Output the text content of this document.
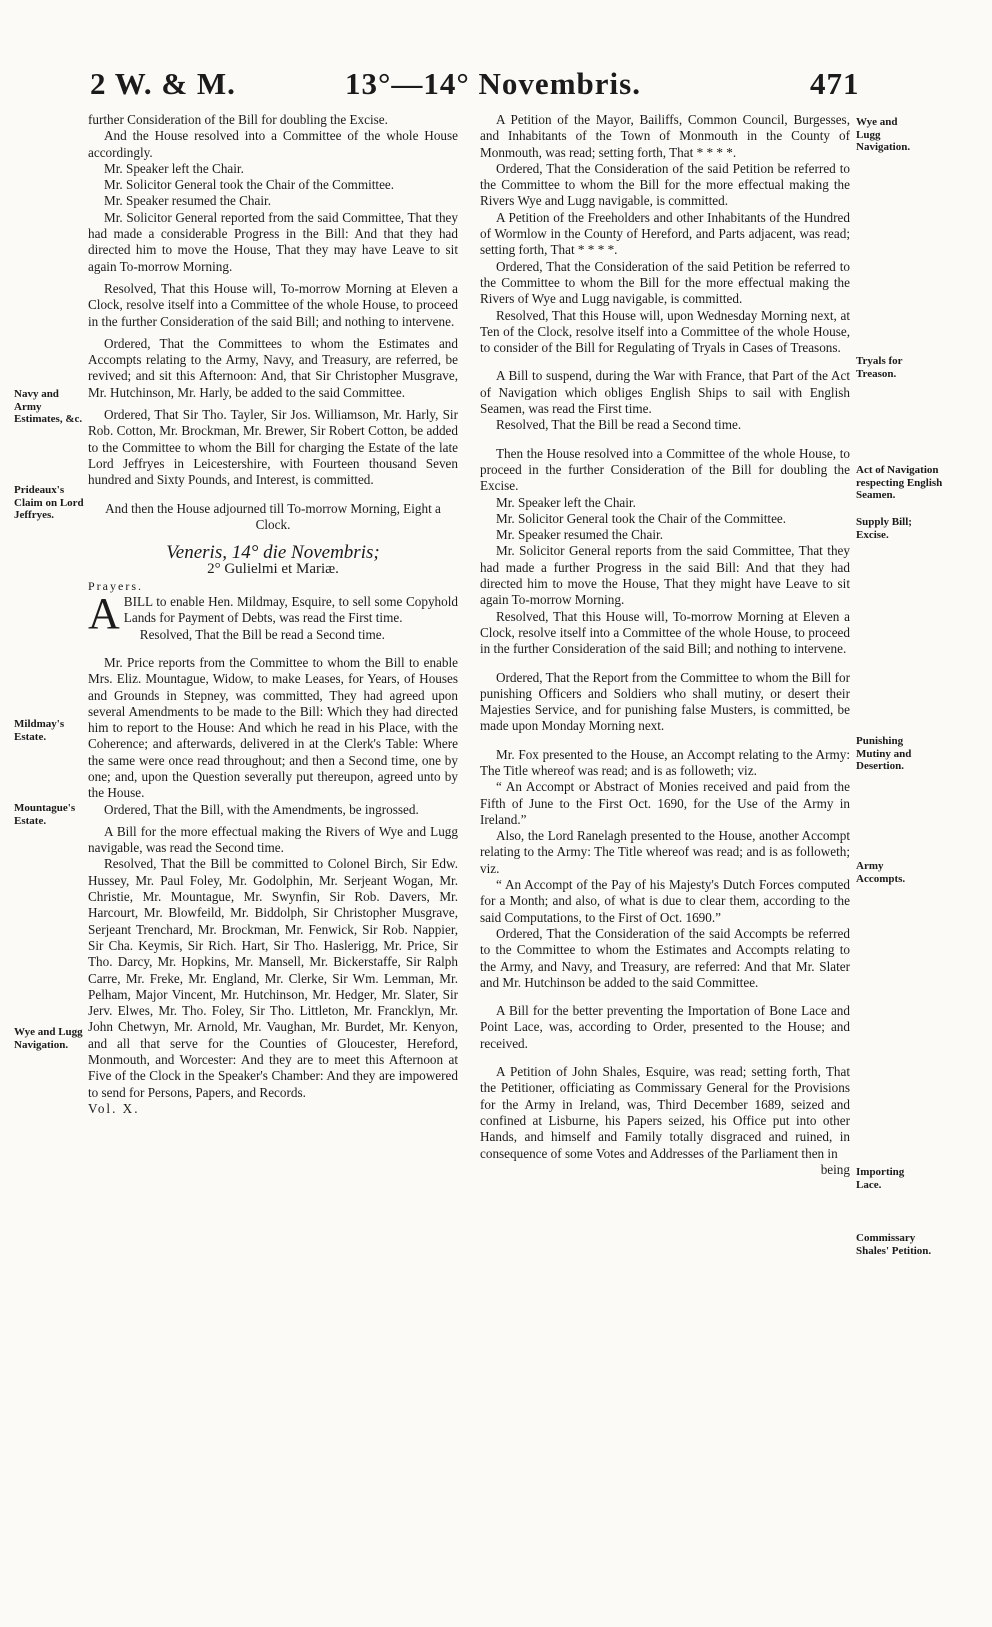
2 W. & M.	13°—14° Novembris.	471

further Consideration of the Bill for doubling the Excise.

And the House resolved into a Committee of the whole House accordingly.

Mr. Speaker left the Chair.

Mr. Solicitor General took the Chair of the Committee.

Mr. Speaker resumed the Chair.

Mr. Solicitor General reported from the said Committee, That they had made a considerable Progress in the Bill: And that they had directed him to move the House, That they may have Leave to sit again To-morrow Morning.

Resolved, That this House will, To-morrow Morning at Eleven a Clock, resolve itself into a Committee of the whole House, to proceed in the further Consideration of the said Bill; and nothing to intervene.

Ordered, That the Committees to whom the Estimates and Accompts relating to the Army, Navy, and Treasury, are referred, be revived; and sit this Afternoon: And, that Sir Christopher Musgrave, Mr. Hutchinson, Mr. Harly, be added to the said Committee.

Ordered, That Sir Tho. Tayler, Sir Jos. Williamson, Mr. Harly, Sir Rob. Cotton, Mr. Brockman, Mr. Brewer, Sir Robert Cotton, be added to the Committee to whom the Bill for charging the Estate of the late Lord Jeffryes in Leicestershire, with Fourteen thousand Seven hundred and Sixty Pounds, and Interest, is committed.

And then the House adjourned till To-morrow Morning, Eight a Clock.

Veneris, 14° die Novembris;

2° Gulielmi et Mariæ.

Prayers.

ABILL to enable Hen. Mildmay, Esquire, to sell some Copyhold Lands for Payment of Debts, was read the First time.

Resolved, That the Bill be read a Second time.

Mr. Price reports from the Committee to whom the Bill to enable Mrs. Eliz. Mountague, Widow, to make Leases, for Years, of Houses and Grounds in Stepney, was committed, They had agreed upon several Amendments to be made to the Bill: Which they had directed him to report to the House: And which he read in his Place, with the Coherence; and afterwards, delivered in at the Clerk's Table: Where the same were once read throughout; and then a Second time, one by one; and, upon the Question severally put thereupon, agreed unto by the House.

Ordered, That the Bill, with the Amendments, be ingrossed.

A Bill for the more effectual making the Rivers of Wye and Lugg navigable, was read the Second time.

Resolved, That the Bill be committed to Colonel Birch, Sir Edw. Hussey, Mr. Paul Foley, Mr. Godolphin, Mr. Serjeant Wogan, Mr. Christie, Mr. Mountague, Mr. Swynfin, Sir Rob. Davers, Mr. Harcourt, Mr. Blowfeild, Mr. Biddolph, Sir Christopher Musgrave, Serjeant Trenchard, Mr. Brockman, Mr. Fenwick, Sir Rob. Nappier, Sir Cha. Keymis, Sir Rich. Hart, Sir Tho. Haslerigg, Mr. Price, Sir Tho. Darcy, Mr. Hopkins, Mr. Mansell, Mr. Bickerstaffe, Sir Ralph Carre, Mr. Freke, Mr. England, Mr. Clerke, Sir Wm. Lemman, Mr. Pelham, Major Vincent, Mr. Hutchinson, Mr. Hedger, Mr. Slater, Sir Jerv. Elwes, Mr. Tho. Foley, Sir Tho. Littleton, Mr. Francklyn, Mr. John Chetwyn, Mr. Arnold, Mr. Vaughan, Mr. Burdet, Mr. Kenyon, and all that serve for the Counties of Gloucester, Hereford, Monmouth, and Worcester: And they are to meet this Afternoon at Five of the Clock in the Speaker's Chamber: And they are impowered to send for Persons, Papers, and Records.

Vol. X.

A Petition of the Mayor, Bailiffs, Common Council, Burgesses, and Inhabitants of the Town of Monmouth in the County of Monmouth, was read; setting forth, That * * * *.

Ordered, That the Consideration of the said Petition be referred to the Committee to whom the Bill for the more effectual making the Rivers Wye and Lugg navigable, is committed.

A Petition of the Freeholders and other Inhabitants of the Hundred of Wormlow in the County of Hereford, and Parts adjacent, was read; setting forth, That * * * *.

Ordered, That the Consideration of the said Petition be referred to the Committee to whom the Bill for the more effectual making the Rivers of Wye and Lugg navigable, is committed.

Resolved, That this House will, upon Wednesday Morning next, at Ten of the Clock, resolve itself into a Committee of the whole House, to consider of the Bill for Regulating of Tryals in Cases of Treasons.

A Bill to suspend, during the War with France, that Part of the Act of Navigation which obliges English Ships to sail with English Seamen, was read the First time.

Resolved, That the Bill be read a Second time.

Then the House resolved into a Committee of the whole House, to proceed in the further Consideration of the Bill for doubling the Excise.

Mr. Speaker left the Chair.

Mr. Solicitor General took the Chair of the Committee.

Mr. Speaker resumed the Chair.

Mr. Solicitor General reports from the said Committee, That they had made a further Progress in the said Bill: And that they had directed him to move the House, That they might have Leave to sit again To-morrow Morning.

Resolved, That this House will, To-morrow Morning at Eleven a Clock, resolve itself into a Committee of the whole House, to proceed in the further Consideration of the said Bill; and nothing to intervene.

Ordered, That the Report from the Committee to whom the Bill for punishing Officers and Soldiers who shall mutiny, or desert their Majesties Service, and for punishing false Musters, is committed, be made upon Monday Morning next.

Mr. Fox presented to the House, an Accompt relating to the Army: The Title whereof was read; and is as followeth; viz.

“ An Accompt or Abstract of Monies received and paid from the Fifth of June to the First Oct. 1690, for the Use of the Army in Ireland.”

Also, the Lord Ranelagh presented to the House, another Accompt relating to the Army: The Title whereof was read; and is as followeth; viz.

“ An Accompt of the Pay of his Majesty's Dutch Forces computed for a Month; and also, of what is due to clear them, according to the said Computations, to the First of Oct. 1690.”

Ordered, That the Consideration of the said Accompts be referred to the Committee to whom the Estimates and Accompts relating to the Army, and Navy, and Treasury, are referred: And that Mr. Slater and Mr. Hutchinson be added to the said Committee.

A Bill for the better preventing the Importation of Bone Lace and Point Lace, was, according to Order, presented to the House; and received.

A Petition of John Shales, Esquire, was read; setting forth, That the Petitioner, officiating as Commissary General for the Provisions for the Army in Ireland, was, Third December 1689, seized and confined at Lisburne, his Papers seized, his Office put into other Hands, and himself and Family totally disgraced and ruined, in consequence of some Votes and Addresses of the Parliament then in

being

Navy and Army Estimates, &c.
Prideaux's Claim on Lord Jeffryes.
Mildmay's Estate.
Mountague's Estate.
Wye and Lugg Navigation.
Wye and Lugg Navigation.
Tryals for Treason.
Act of Navigation respecting English Seamen.
Supply Bill; Excise.
Punishing Mutiny and Desertion.
Army Accompts.
Importing Lace.
Commissary Shales' Petition.
